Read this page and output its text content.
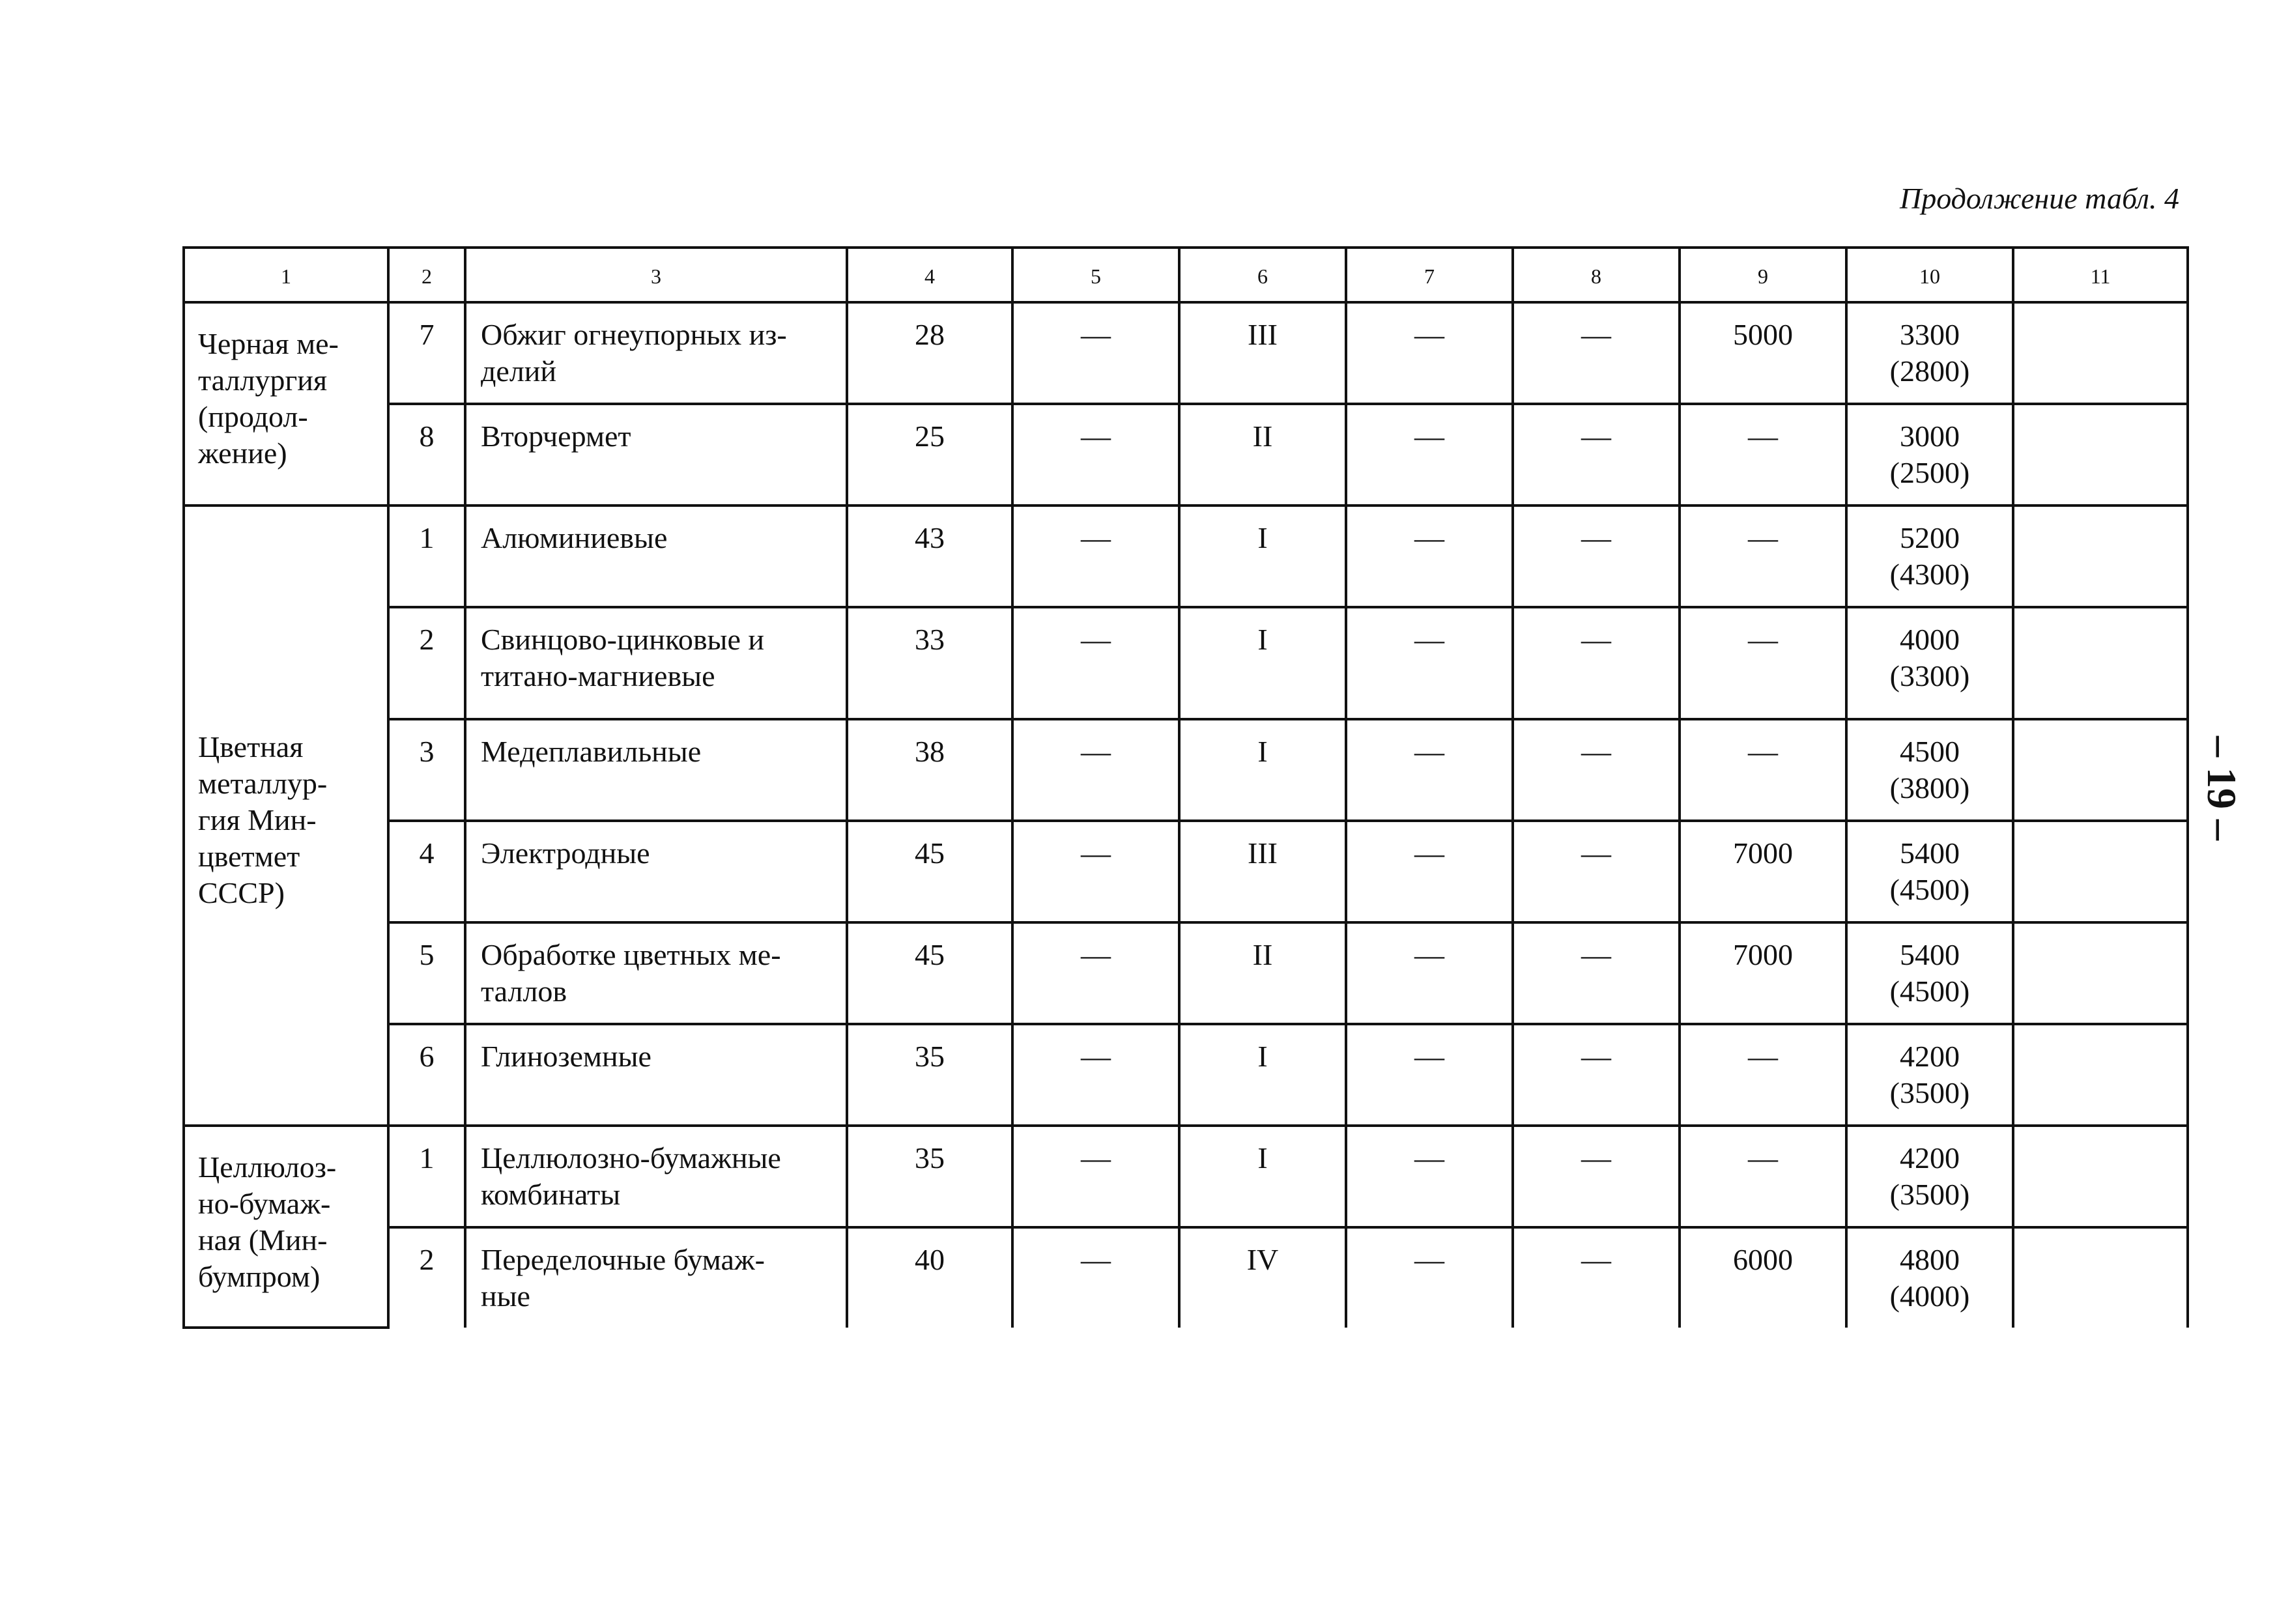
Продолжение табл. 4
1	2	3	4	5	6	7	8	9	10	11
Черная ме-
таллургия
(продол-
жение)	7	Обжиг огнеупорных из-
делий	28	—	III	—	—	5000	3300
(2800)	
	8	Вторчермет	25	—	II	—	—	—	3000
(2500)	
Цветная
металлур-
гия Мин-
цветмет
СССР)	1	Алюминиевые	43	—	I	—	—	—	5200
(4300)	
	2	Свинцово-цинковые и
титано-магниевые	33	—	I	—	—	—	4000
(3300)	
	3	Медеплавильные	38	—	I	—	—	—	4500
(3800)	
	4	Электродные	45	—	III	—	—	7000	5400
(4500)	
	5	Обработке цветных ме-
таллов	45	—	II	—	—	7000	5400
(4500)	
	6	Глиноземные	35	—	I	—	—	—	4200
(3500)	
Целлюлоз-
но-бумаж-
ная (Мин-
бумпром)	1	Целлюлозно-бумажные
комбинаты	35	—	I	—	—	—	4200
(3500)	
	2	Переделочные бумаж-
ные	40	—	IV	—	—	6000	4800
(4000)	
– 19 –
